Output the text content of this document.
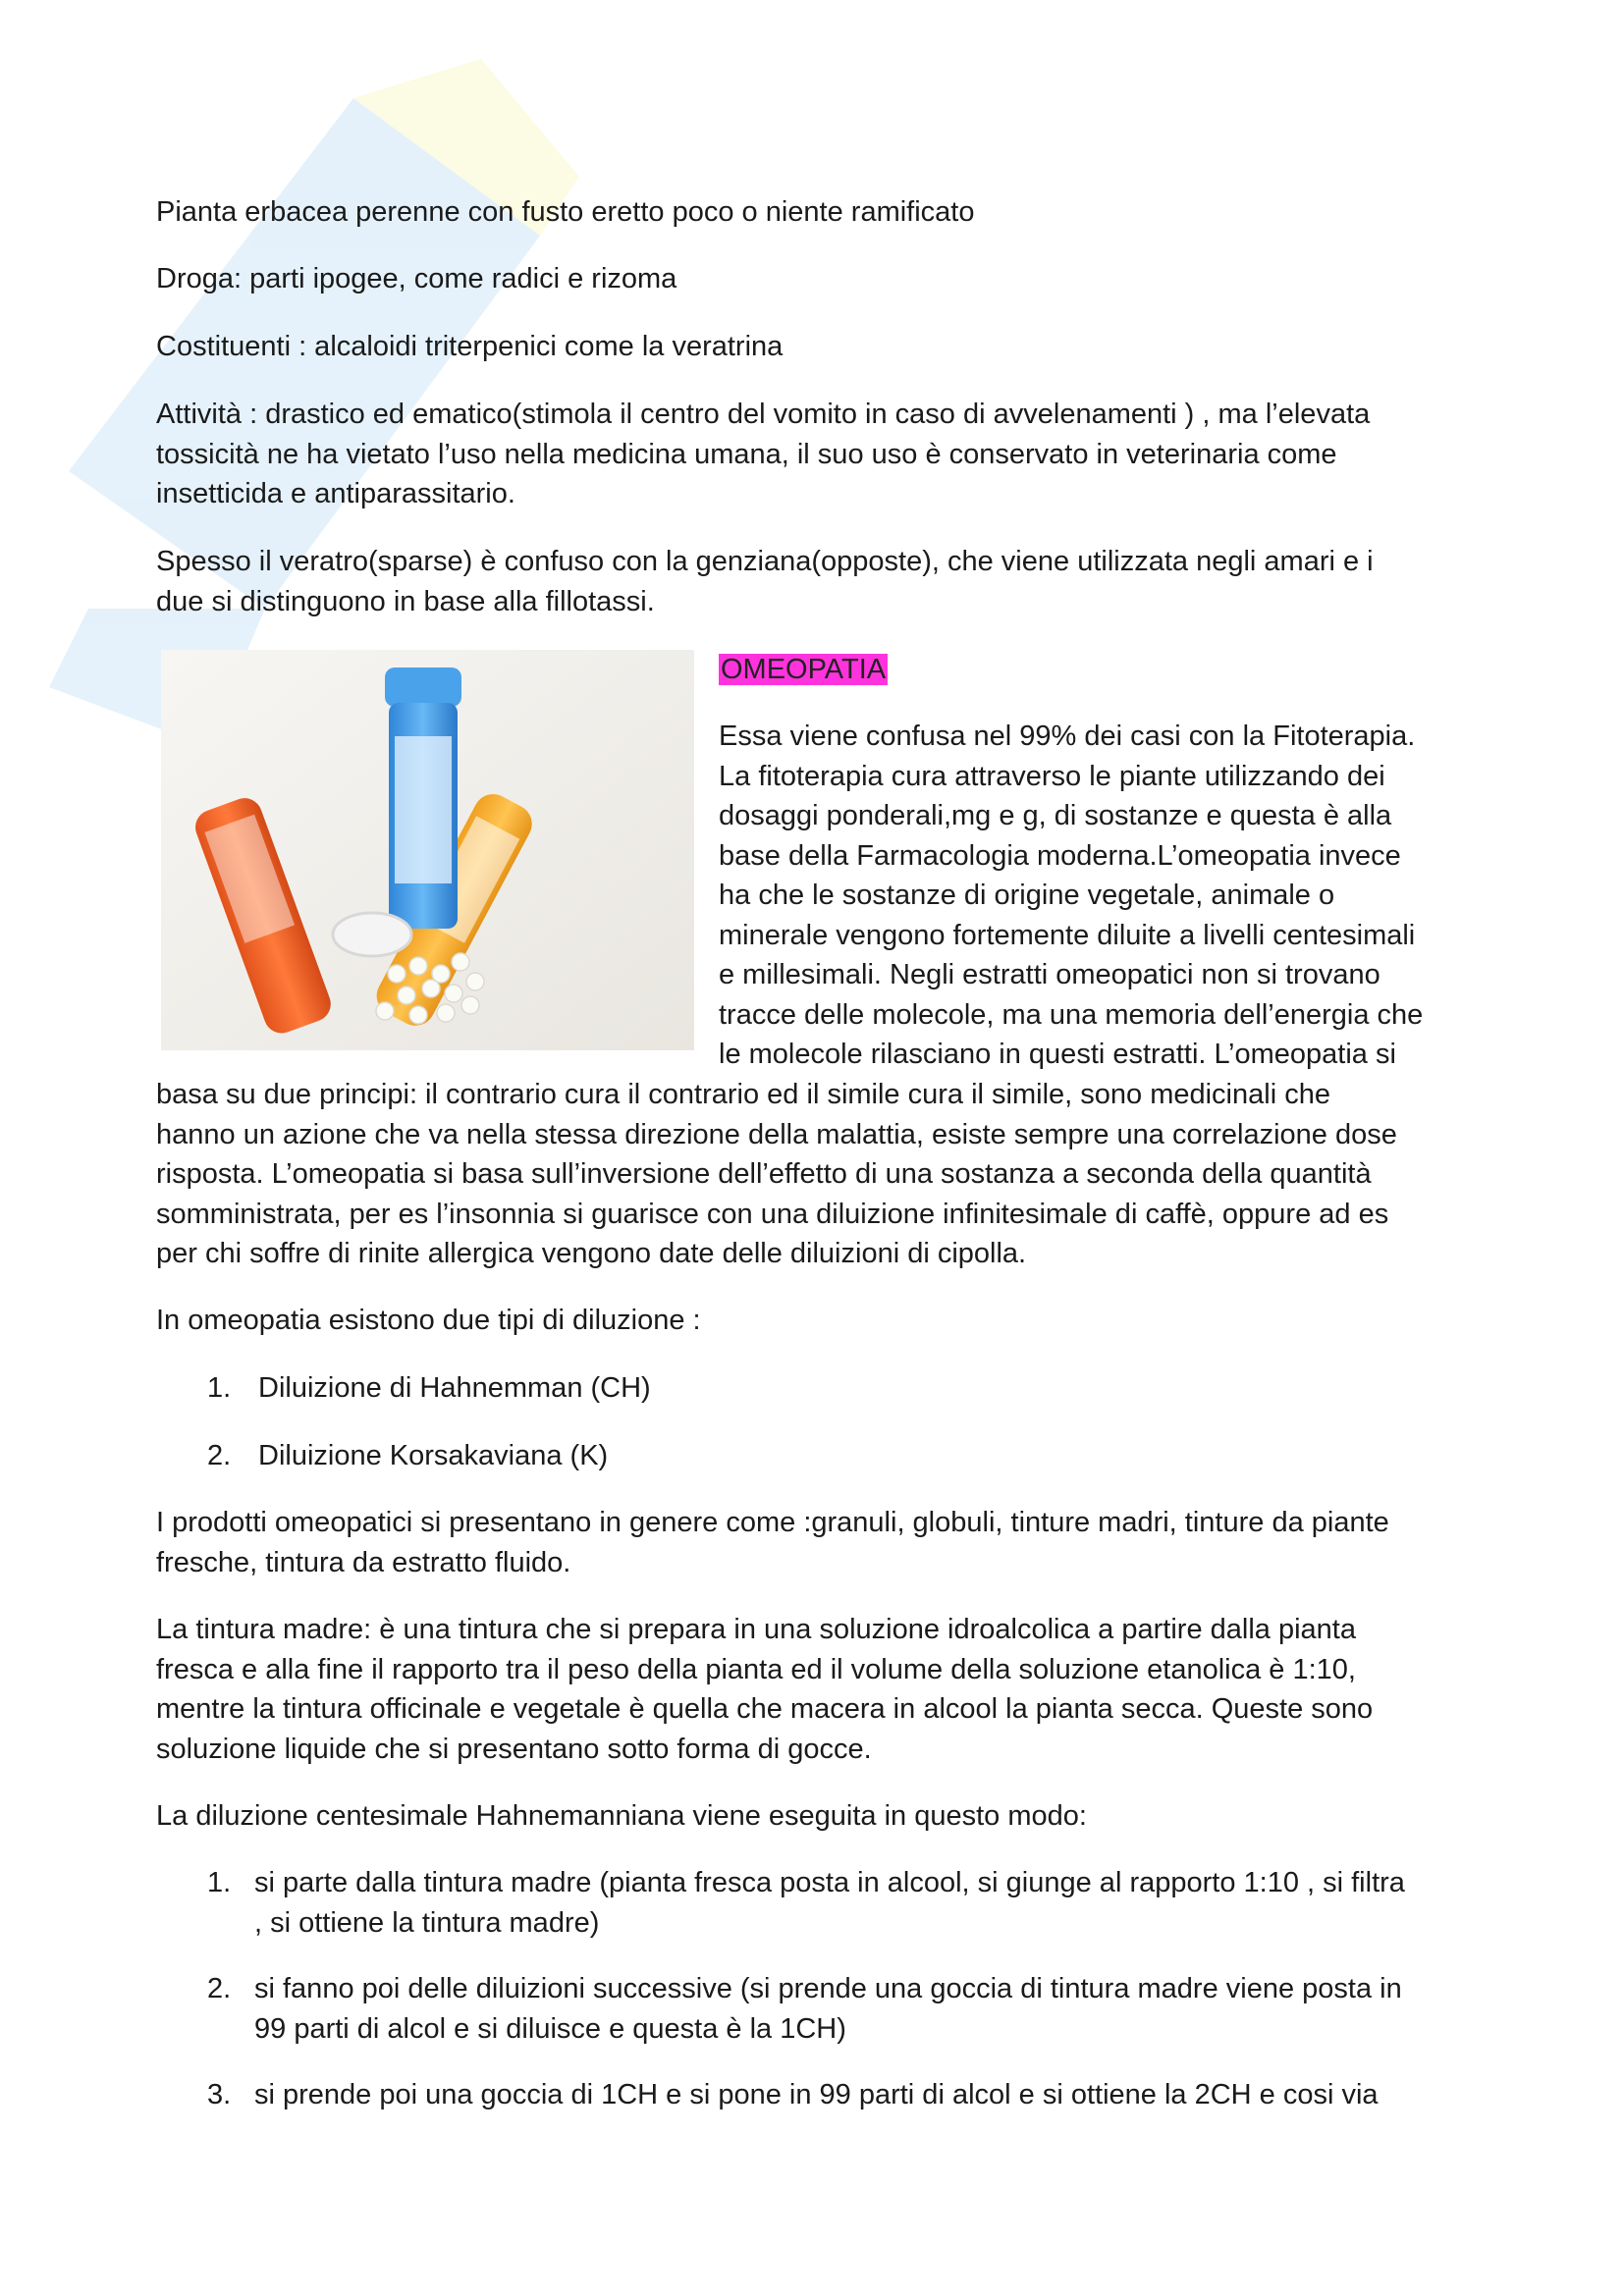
Pianta erbacea perenne con fusto eretto poco o niente ramificato

Droga: parti ipogee, come radici e rizoma

Costituenti : alcaloidi triterpenici come la veratrina

Attività : drastico ed ematico(stimola il centro del vomito in caso di avvelenamenti ) , ma l’elevata

tossicità ne ha vietato l’uso nella medicina umana, il suo uso è conservato in veterinaria come

insetticida e antiparassitario.

Spesso il veratro(sparse) è confuso con la genziana(opposte), che viene utilizzata negli amari e i

due si distinguono in base alla fillotassi.

OMEOPATIA

Essa viene confusa nel 99% dei casi con la Fitoterapia.

La fitoterapia cura attraverso le piante utilizzando dei

dosaggi ponderali,mg e g, di sostanze e questa è alla

base della Farmacologia moderna.L’omeopatia invece

ha che le sostanze di origine vegetale, animale o

minerale vengono fortemente diluite a livelli centesimali

e millesimali. Negli estratti omeopatici non si trovano

tracce delle molecole, ma una memoria dell’energia che

le molecole rilasciano in questi estratti. L’omeopatia si

basa su due principi: il contrario cura il contrario ed il simile cura il simile, sono medicinali che

hanno un azione che va nella stessa direzione della malattia, esiste sempre una correlazione dose

risposta. L’omeopatia si basa sull’inversione dell’effetto di una sostanza a seconda della quantità

somministrata, per es l’insonnia si guarisce con una diluizione infinitesimale di caffè, oppure ad es

per chi soffre di rinite allergica vengono date delle diluizioni di cipolla.

In omeopatia esistono due tipi di diluzione :

1. Diluizione di Hahnemman (CH)
2. Diluizione Korsakaviana (K)

I prodotti omeopatici si presentano in genere come :granuli, globuli, tinture madri, tinture da piante

fresche, tintura da estratto fluido.

La tintura madre: è una tintura che si prepara in una soluzione idroalcolica a partire dalla pianta

fresca e alla fine il rapporto tra il peso della pianta ed il volume della soluzione etanolica è 1:10,

mentre la tintura officinale e vegetale è quella che macera in alcool la pianta secca. Queste sono

soluzione liquide che si presentano sotto forma di gocce.

La diluzione centesimale Hahnemanniana viene eseguita in questo modo:

1. si parte dalla tintura madre (pianta fresca posta in alcool, si giunge al rapporto 1:10 , si filtra

, si ottiene la tintura madre)

2. si fanno poi delle diluizioni successive (si prende una goccia di tintura madre viene posta in

99 parti di alcol e si diluisce e questa è la 1CH)

3. si prende poi una goccia di 1CH e si pone in 99 parti di alcol e si ottiene la 2CH e cosi via
